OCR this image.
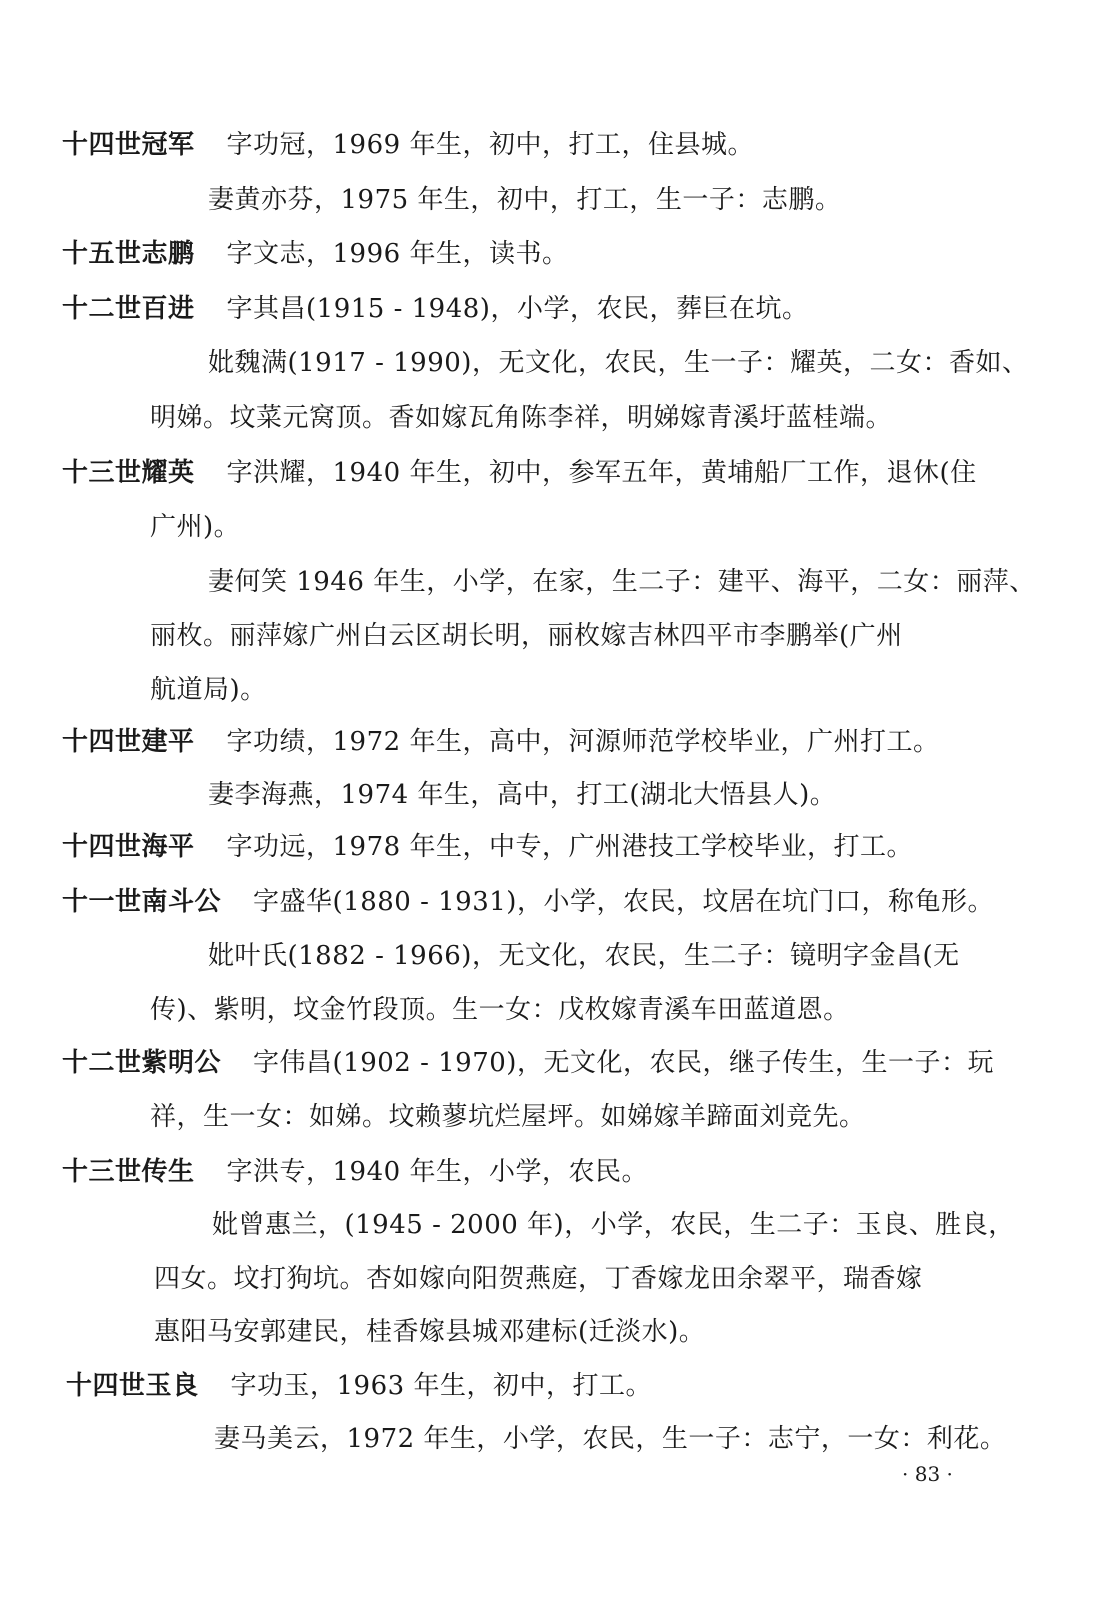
十四世冠军 字功冠，1969 年生，初中，打工，住县城。
妻黄亦芬，1975 年生，初中，打工，生一子：志鹏。
十五世志鹏 字文志，1996 年生，读书。
十二世百进 字其昌(1915 - 1948)，小学，农民，葬巨在坑。
妣魏满(1917 - 1990)，无文化，农民，生一子：耀英，二女：香如、
明娣。坟菜元窝顶。香如嫁瓦角陈李祥，明娣嫁青溪圩蓝桂端。
十三世耀英 字洪耀，1940 年生，初中，参军五年，黄埔船厂工作，退休(住
广州)。
妻何笑 1946 年生，小学，在家，生二子：建平、海平，二女：丽萍、
丽枚。丽萍嫁广州白云区胡长明，丽枚嫁吉林四平市李鹏举(广州
航道局)。
十四世建平 字功绩，1972 年生，高中，河源师范学校毕业，广州打工。
妻李海燕，1974 年生，高中，打工(湖北大悟县人)。
十四世海平 字功远，1978 年生，中专，广州港技工学校毕业，打工。
十一世南斗公 字盛华(1880 - 1931)，小学，农民，坟居在坑门口，称龟形。
妣叶氏(1882 - 1966)，无文化，农民，生二子：镜明字金昌(无
传)、紫明，坟金竹段顶。生一女：戊枚嫁青溪车田蓝道恩。
十二世紫明公 字伟昌(1902 - 1970)，无文化，农民，继子传生，生一子：玩
祥，生一女：如娣。坟赖蓼坑烂屋坪。如娣嫁羊蹄面刘竞先。
十三世传生 字洪专，1940 年生，小学，农民。
妣曾惠兰，(1945 - 2000 年)，小学，农民，生二子：玉良、胜良，
四女。坟打狗坑。杏如嫁向阳贺燕庭，丁香嫁龙田余翠平，瑞香嫁
惠阳马安郭建民，桂香嫁县城邓建标(迁淡水)。
十四世玉良 字功玉，1963 年生，初中，打工。
妻马美云，1972 年生，小学，农民，生一子：志宁，一女：利花。
· 83 ·
